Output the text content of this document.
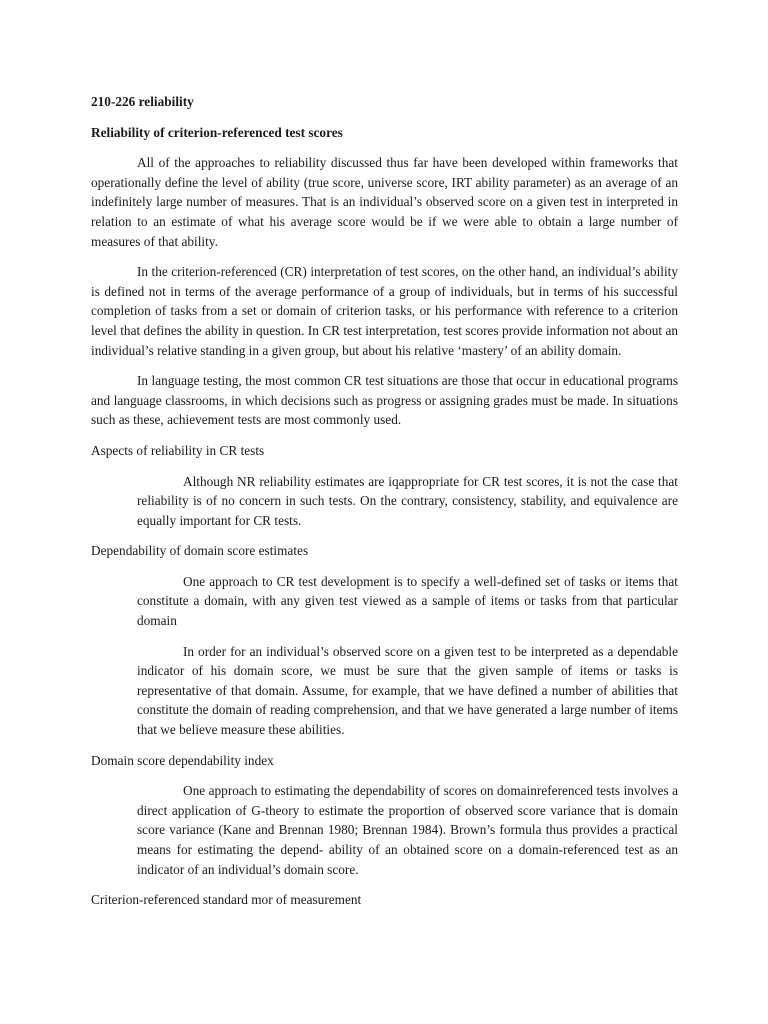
210-226 reliability
Reliability of criterion-referenced test scores

All of the approaches to reliability discussed thus far have been developed within frameworks that operationally define the level of ability (true score, universe score, IRT ability parameter) as an average of an indefinitely large number of measures. That is an individual’s observed score on a given test in interpreted in relation to an estimate of what his average score would be if we were able to obtain a large number of measures of that ability.

In the criterion-referenced (CR) interpretation of test scores, on the other hand, an individual’s ability is defined not in terms of the average performance of a group of individuals, but in terms of his successful completion of tasks from a set or domain of criterion tasks, or his performance with reference to a criterion level that defines the ability in question. In CR test interpretation, test scores provide information not about an individual’s relative standing in a given group, but about his relative ‘mastery’ of an ability domain.

In language testing, the most common CR test situations are those that occur in educational programs and language classrooms, in which decisions such as progress or assigning grades must be made. In situations such as these, achievement tests are most commonly used.

Aspects of reliability in CR tests

Although NR reliability estimates are iqappropriate for CR test scores, it is not the case that reliability is of no concern in such tests. On the contrary, consistency, stability, and equivalence are equally important for CR tests.

Dependability of domain score estimates

One approach to CR test development is to specify a well-defined set of tasks or items that constitute a domain, with any given test viewed as a sample of items or tasks from that particular domain

In order for an individual’s observed score on a given test to be interpreted as a dependable indicator of his domain score, we must be sure that the given sample of items or tasks is representative of that domain. Assume, for example, that we have defined a number of abilities that constitute the domain of reading comprehension, and that we have generated a large number of items that we believe measure these abilities.

Domain score dependability index

One approach to estimating the dependability of scores on domainreferenced tests involves a direct application of G-theory to estimate the proportion of observed score variance that is domain score variance (Kane and Brennan 1980; Brennan 1984). Brown’s formula thus provides a practical means for estimating the depend- ability of an obtained score on a domain-referenced test as an indicator of an individual’s domain score.

Criterion-referenced standard mor of measurement
